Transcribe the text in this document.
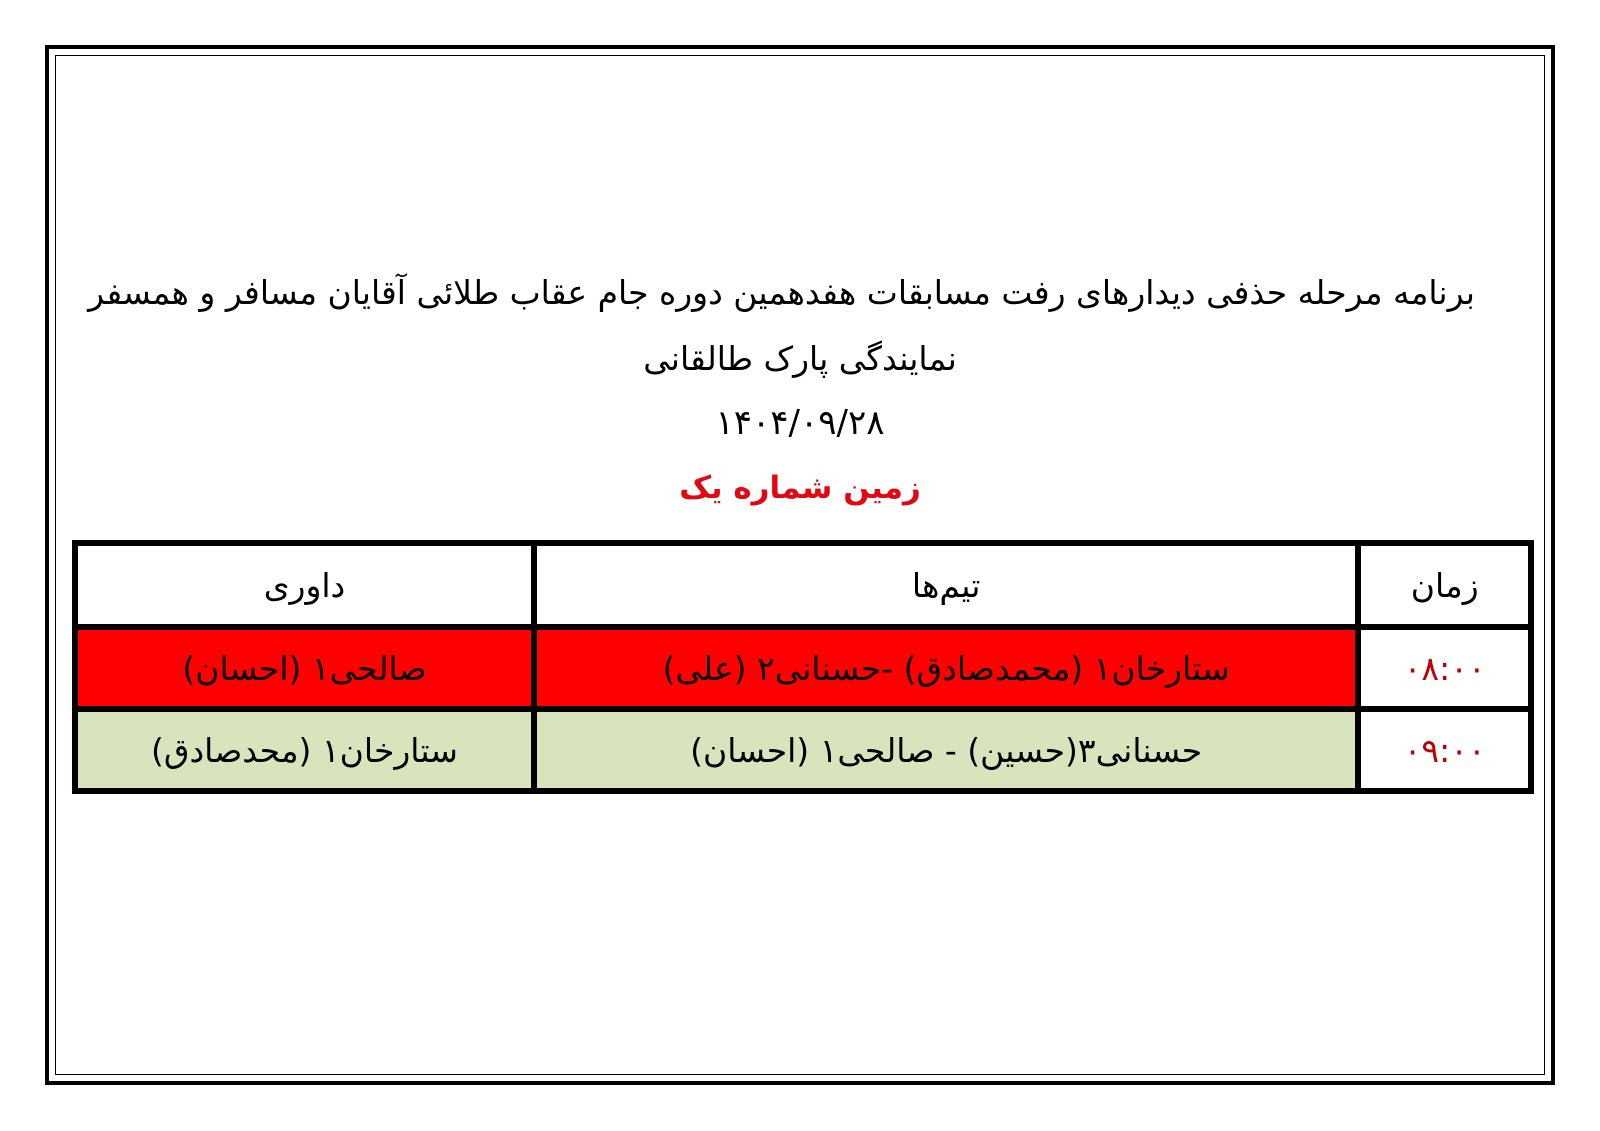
برنامه مرحله حذفی دیدارهای رفت مسابقات هفدهمین دوره جام عقاب طلائی آقایان مسافر و همسفر
نمایندگی پارک طالقانی
۱۴۰۴/۰۹/۲۸
زمین شماره یک
زمان	تیم‌ها	داوری
۰۸:۰۰	ستارخان۱ (محمدصادق) -حسنانی۲ (علی)	صالحی۱ (احسان)
۰۹:۰۰	حسنانی۳(حسین) - صالحی۱ (احسان)	ستارخان۱ (محدصادق)
